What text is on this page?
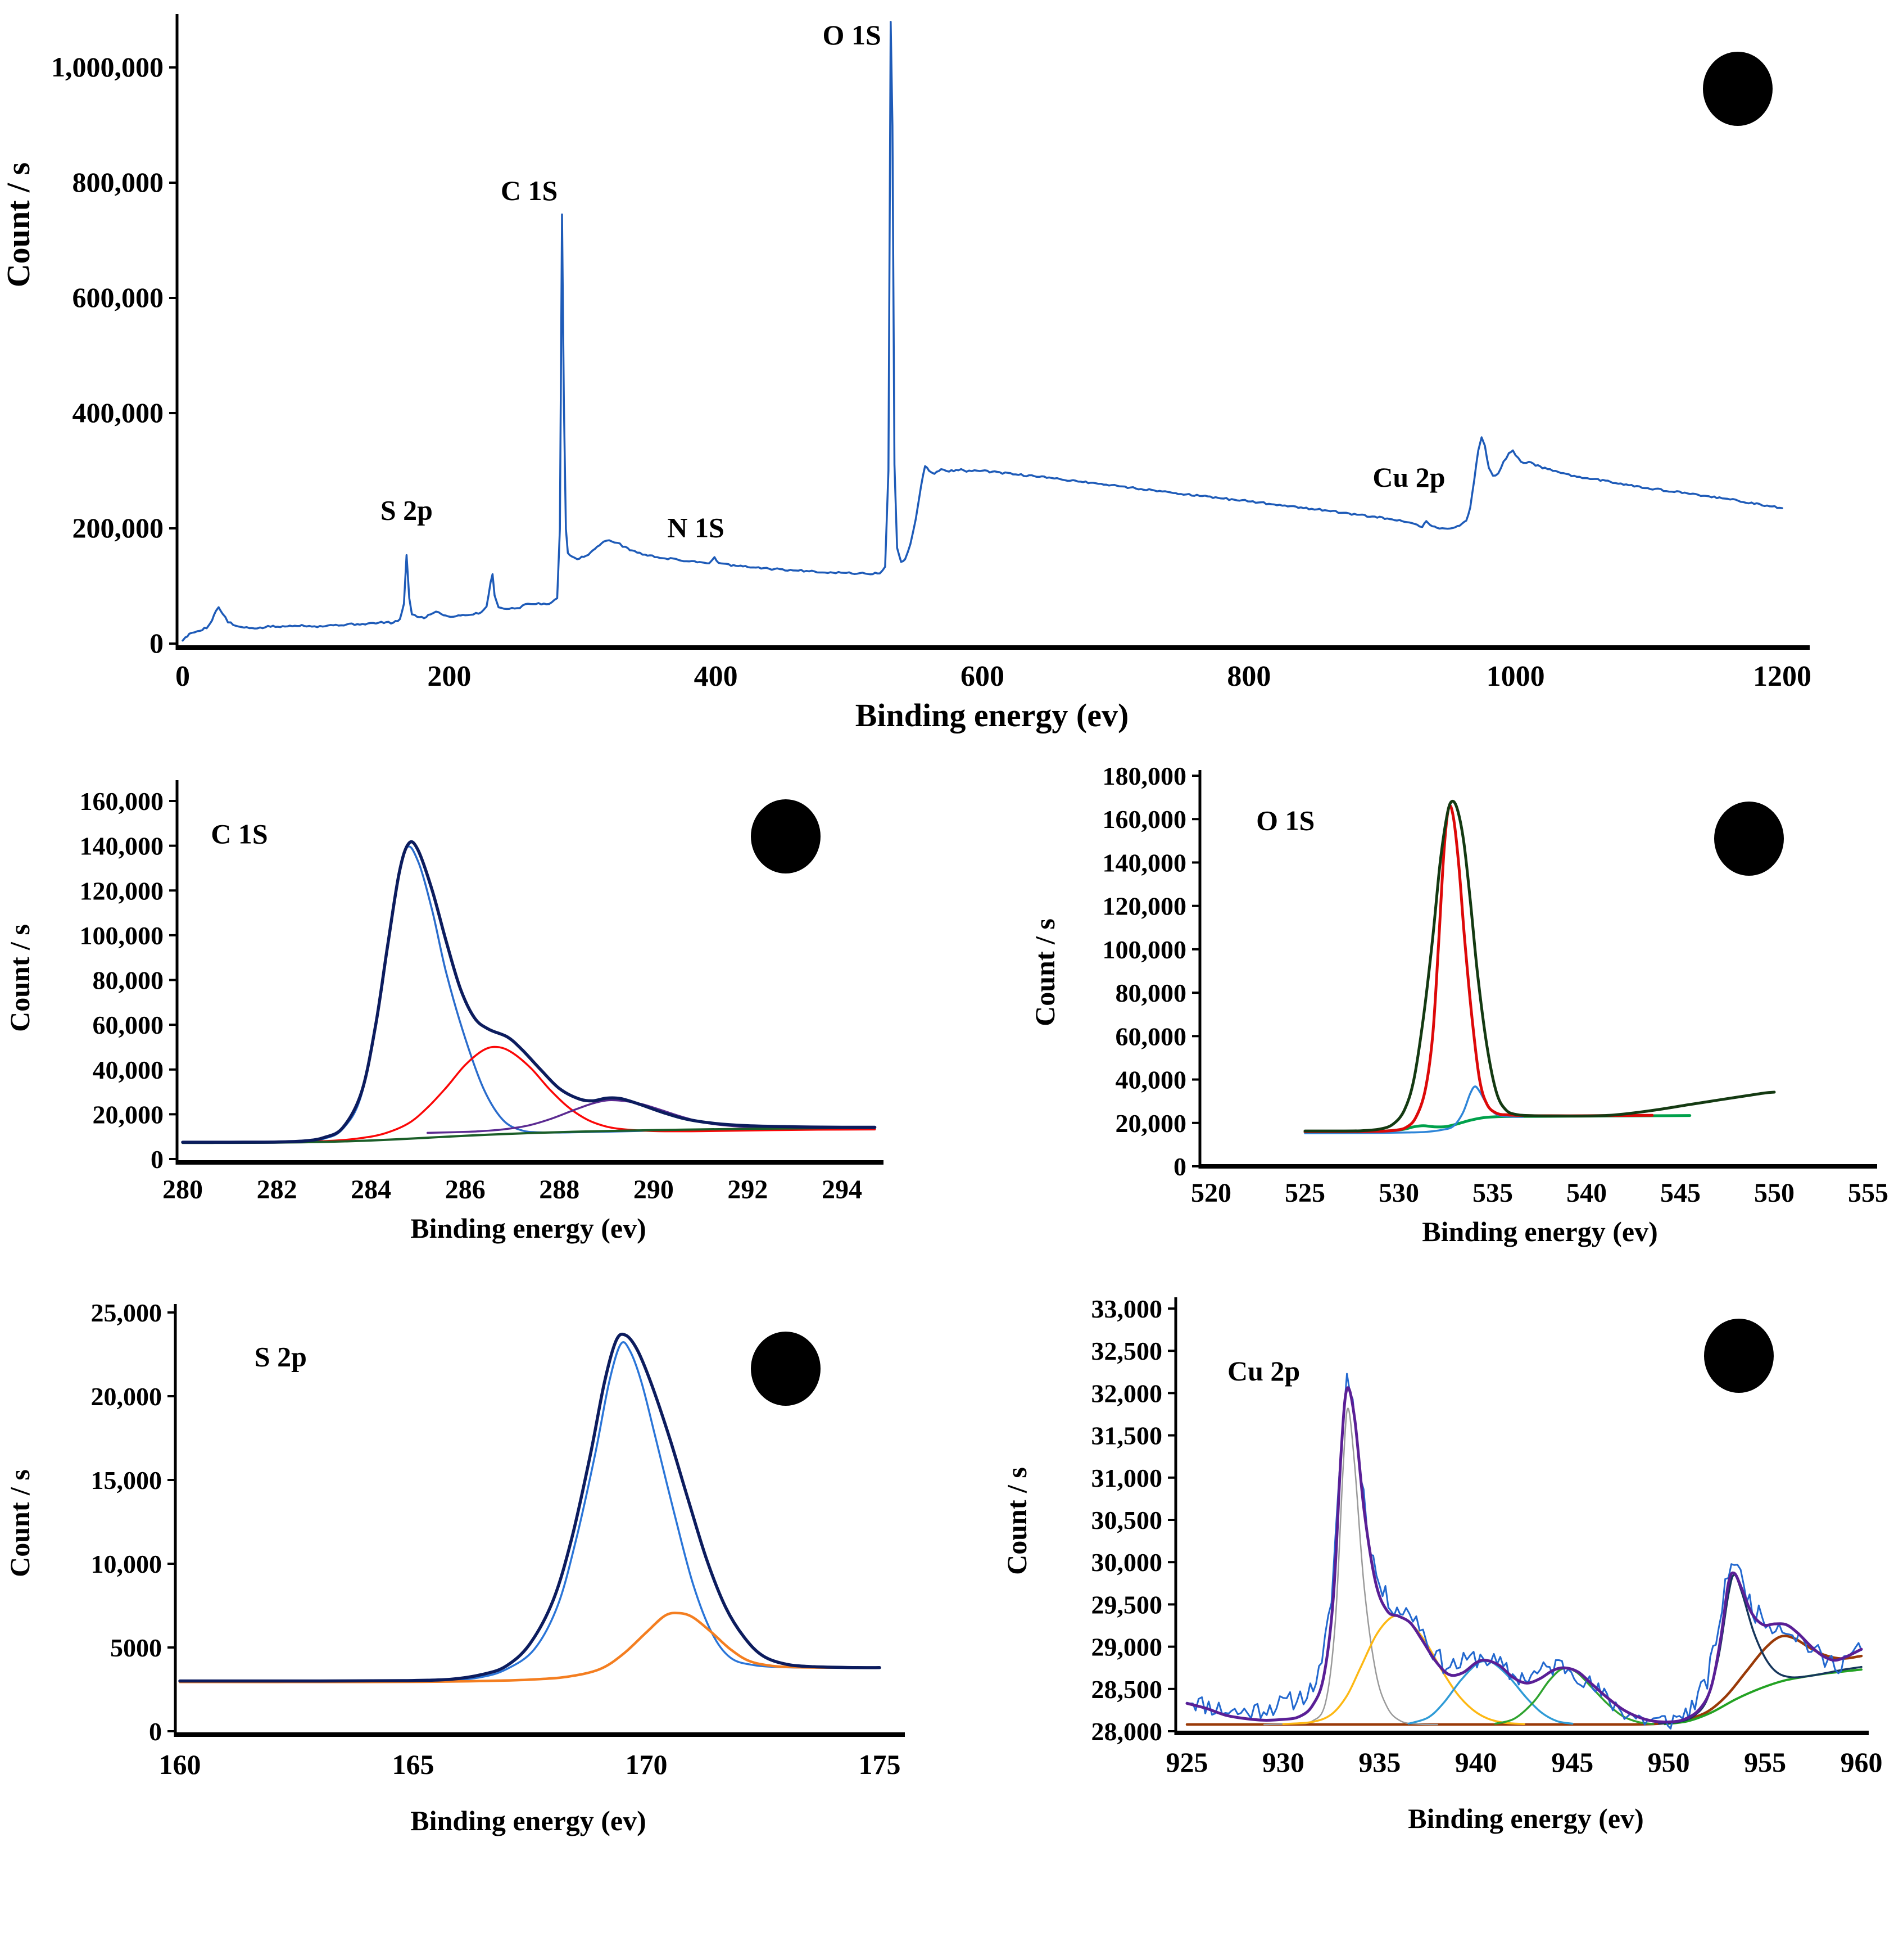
0
200,000
400,000
600,000
800,000
1,000,000
0	200	400	600	800	1000	1200
Count / s
Binding energy (ev)
S 2p
C 1S
N 1S
O 1S
Cu 2p
A
0
20,000
40,000
60,000
80,000
100,000
120,000
140,000
160,000
280 282 284 286 288 290 292 294
Count / s
Binding energy (ev)
C 1S	B
0
20,000
40,000
60,000
80,000
100,000
120,000
140,000
160,000
180,000
520 525 530 535 540 545 550 555
Count / s
Binding energy (ev)
O 1S	C
0
5000
10,000
15,000
20,000
25,000
160	165	170	175
Count / s
Binding energy (ev)
S 2p	D
28,000
28,500
29,000
29,500
30,000
30,500
31,000
31,500
32,000
32,500
33,000
925 930 935 940 945 950 955 960
Count / s
Binding energy (ev)
Cu 2p	E
